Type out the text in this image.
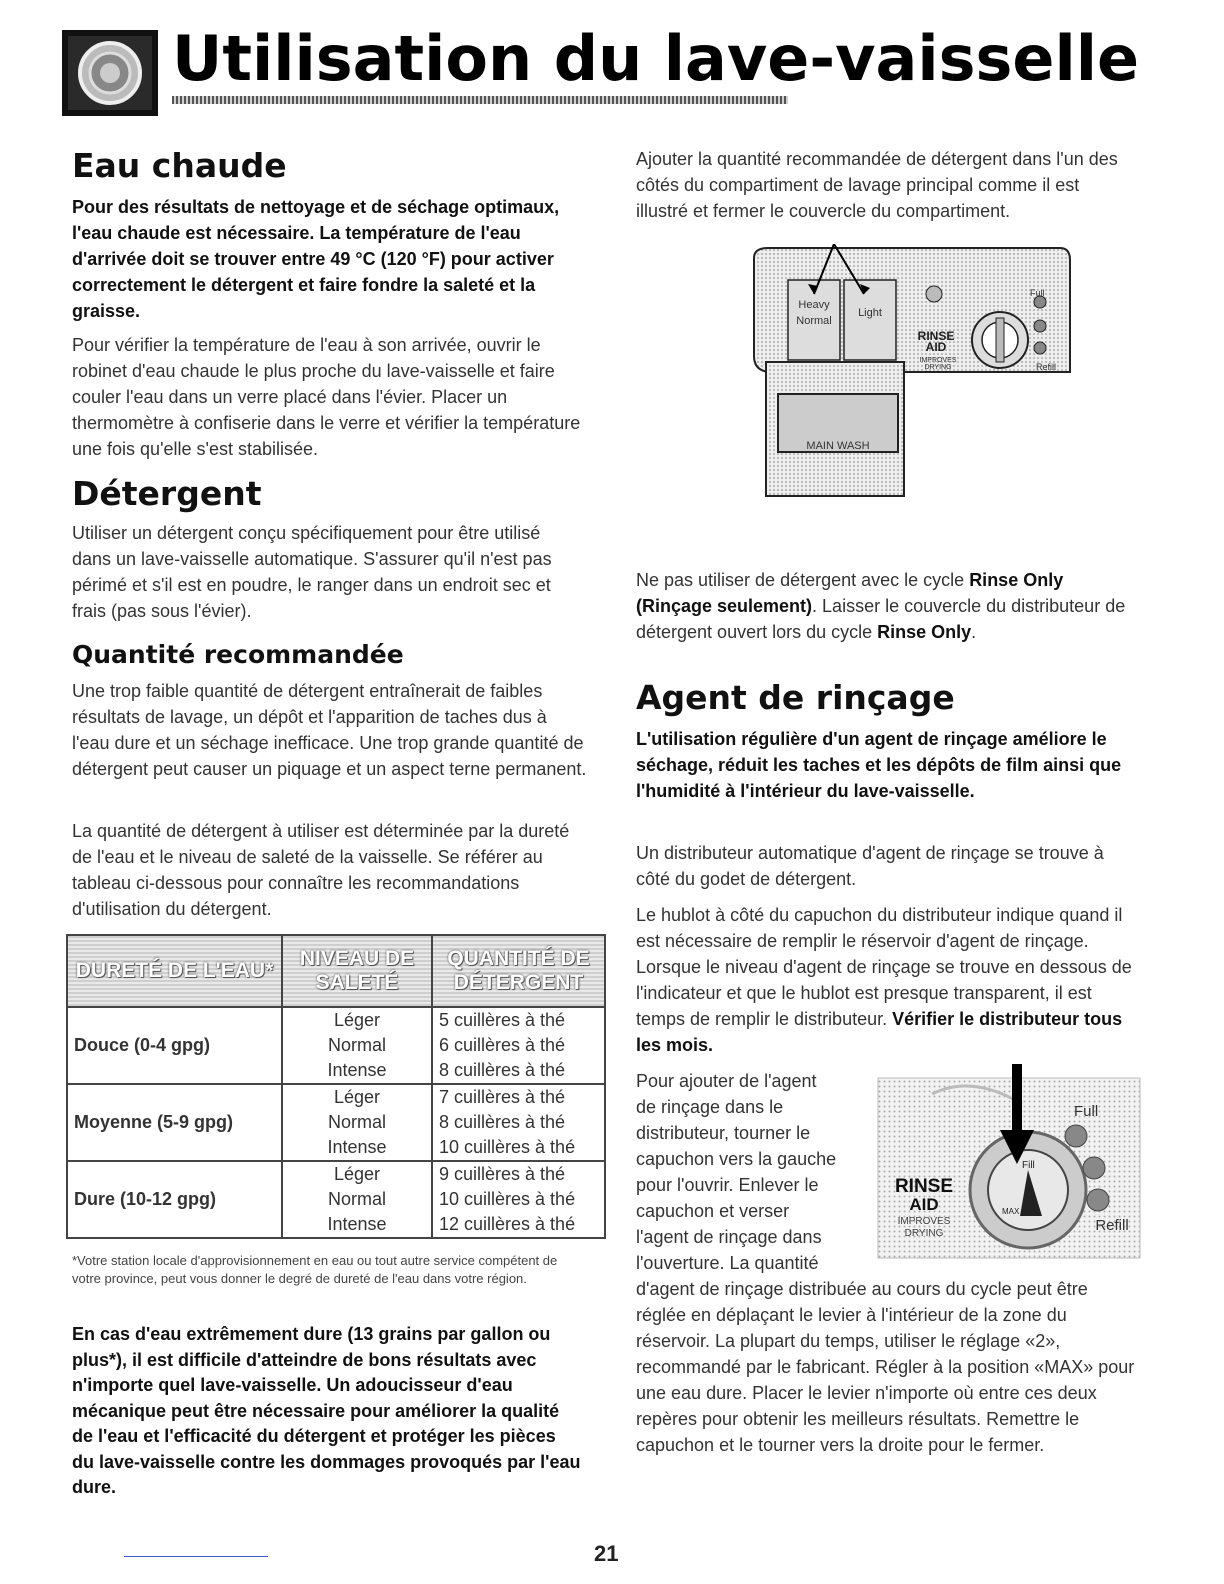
Utilisation du lave-vaisselle
Eau chaude

Pour des résultats de nettoyage et de séchage optimaux, l'eau chaude est nécessaire. La température de l'eau d'arrivée doit se trouver entre 49 °C (120 °F) pour activer correctement le détergent et faire fondre la saleté et la graisse.

Pour vérifier la température de l'eau à son arrivée, ouvrir le robinet d'eau chaude le plus proche du lave-vaisselle et faire couler l'eau dans un verre placé dans l'évier. Placer un thermomètre à confiserie dans le verre et vérifier la température une fois qu'elle s'est stabilisée.

Détergent

Utiliser un détergent conçu spécifiquement pour être utilisé dans un lave-vaisselle automatique. S'assurer qu'il n'est pas périmé et s'il est en poudre, le ranger dans un endroit sec et frais (pas sous l'évier).

Quantité recommandée

Une trop faible quantité de détergent entraînerait de faibles résultats de lavage, un dépôt et l'apparition de taches dus à l'eau dure et un séchage inefficace. Une trop grande quantité de détergent peut causer un piquage et un aspect terne permanent.

La quantité de détergent à utiliser est déterminée par la dureté de l'eau et le niveau de saleté de la vaisselle. Se référer au tableau ci-dessous pour connaître les recommandations d'utilisation du détergent.

DURETÉ DE L'EAU*	NIVEAU DE SALETÉ	QUANTITÉ DE DÉTERGENT
Douce (0-4 gpg)	Léger	5 cuillères à thé
	Normal	6 cuillères à thé
	Intense	8 cuillères à thé
Moyenne (5-9 gpg)	Léger	7 cuillères à thé
	Normal	8 cuillères à thé
	Intense	10 cuillères à thé
Dure (10-12 gpg)	Léger	9 cuillères à thé
	Normal	10 cuillères à thé
	Intense	12 cuillères à thé

*Votre station locale d'approvisionnement en eau ou tout autre service compétent de votre province, peut vous donner le degré de dureté de l'eau dans votre région.

En cas d'eau extrêmement dure (13 grains par gallon ou plus*), il est difficile d'atteindre de bons résultats avec n'importe quel lave-vaisselle. Un adoucisseur d'eau mécanique peut être nécessaire pour améliorer la qualité de l'eau et l'efficacité du détergent et protéger les pièces du lave-vaisselle contre les dommages provoqués par l'eau dure.

Ajouter la quantité recommandée de détergent dans l'un des côtés du compartiment de lavage principal comme il est illustré et fermer le couvercle du compartiment.

MAIN WASH
Heavy
Normal
Light
RINSE
AID
IMPROVES
DRYING
Full
Refill

Ne pas utiliser de détergent avec le cycle Rinse Only (Rinçage seulement). Laisser le couvercle du distributeur de détergent ouvert lors du cycle Rinse Only.

Agent de rinçage

L'utilisation régulière d'un agent de rinçage améliore le séchage, réduit les taches et les dépôts de film ainsi que l'humidité à l'intérieur du lave-vaisselle.

Un distributeur automatique d'agent de rinçage se trouve à côté du godet de détergent.

Le hublot à côté du capuchon du distributeur indique quand il est nécessaire de remplir le réservoir d'agent de rinçage. Lorsque le niveau d'agent de rinçage se trouve en dessous de l'indicateur et que le hublot est presque transparent, il est temps de remplir le distributeur. Vérifier le distributeur tous les mois.

Pour ajouter de l'agent
de rinçage dans le
distributeur, tourner le
capuchon vers la gauche
pour l'ouvrir. Enlever le
capuchon et verser
l'agent de rinçage dans
l'ouverture. La quantité

d'agent de rinçage distribuée au cours du cycle peut être réglée en déplaçant le levier à l'intérieur de la zone du réservoir. La plupart du temps, utiliser le réglage «2», recommandé par le fabricant. Régler à la position «MAX» pour une eau dure. Placer le levier n'importe où entre ces deux repères pour obtenir les meilleurs résultats. Remettre le capuchon et le tourner vers la droite pour le fermer.

MAX
Fill
RINSE
AID
IMPROVES
DRYING
Full
Refill
21
